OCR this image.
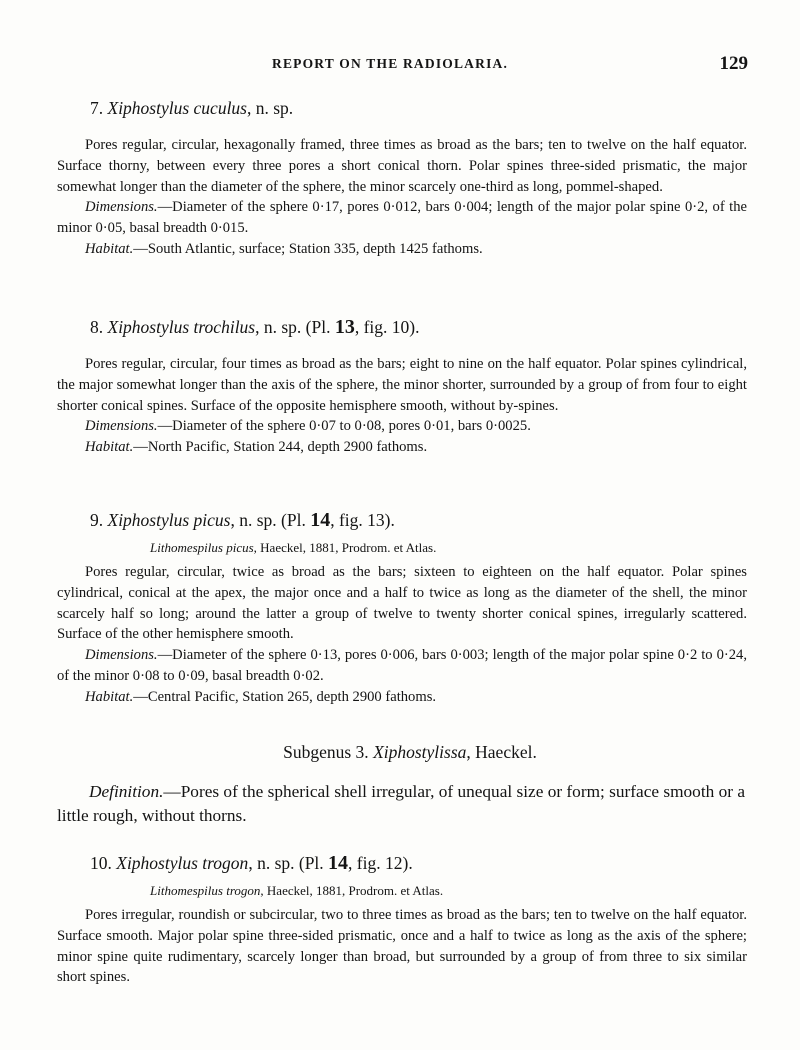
REPORT ON THE RADIOLARIA.	129

7. Xiphostylus cuculus, n. sp.

Pores regular, circular, hexagonally framed, three times as broad as the bars; ten to twelve on the half equator. Surface thorny, between every three pores a short conical thorn. Polar spines three-sided prismatic, the major somewhat longer than the diameter of the sphere, the minor scarcely one-third as long, pommel-shaped.

Dimensions.—Diameter of the sphere 0·17, pores 0·012, bars 0·004; length of the major polar spine 0·2, of the minor 0·05, basal breadth 0·015.

Habitat.—South Atlantic, surface; Station 335, depth 1425 fathoms.

8. Xiphostylus trochilus, n. sp. (Pl. 13, fig. 10).

Pores regular, circular, four times as broad as the bars; eight to nine on the half equator. Polar spines cylindrical, the major somewhat longer than the axis of the sphere, the minor shorter, surrounded by a group of from four to eight shorter conical spines. Surface of the opposite hemisphere smooth, without by-spines.

Dimensions.—Diameter of the sphere 0·07 to 0·08, pores 0·01, bars 0·0025.

Habitat.—North Pacific, Station 244, depth 2900 fathoms.

9. Xiphostylus picus, n. sp. (Pl. 14, fig. 13).

Lithomespilus picus, Haeckel, 1881, Prodrom. et Atlas.

Pores regular, circular, twice as broad as the bars; sixteen to eighteen on the half equator. Polar spines cylindrical, conical at the apex, the major once and a half to twice as long as the diameter of the shell, the minor scarcely half so long; around the latter a group of twelve to twenty shorter conical spines, irregularly scattered. Surface of the other hemisphere smooth.

Dimensions.—Diameter of the sphere 0·13, pores 0·006, bars 0·003; length of the major polar spine 0·2 to 0·24, of the minor 0·08 to 0·09, basal breadth 0·02.

Habitat.—Central Pacific, Station 265, depth 2900 fathoms.

Subgenus 3. Xiphostylissa, Haeckel.

Definition.—Pores of the spherical shell irregular, of unequal size or form; surface smooth or a little rough, without thorns.

10. Xiphostylus trogon, n. sp. (Pl. 14, fig. 12).

Lithomespilus trogon, Haeckel, 1881, Prodrom. et Atlas.

Pores irregular, roundish or subcircular, two to three times as broad as the bars; ten to twelve on the half equator. Surface smooth. Major polar spine three-sided prismatic, once and a half to twice as long as the axis of the sphere; minor spine quite rudimentary, scarcely longer than broad, but surrounded by a group of from three to six similar short spines.
